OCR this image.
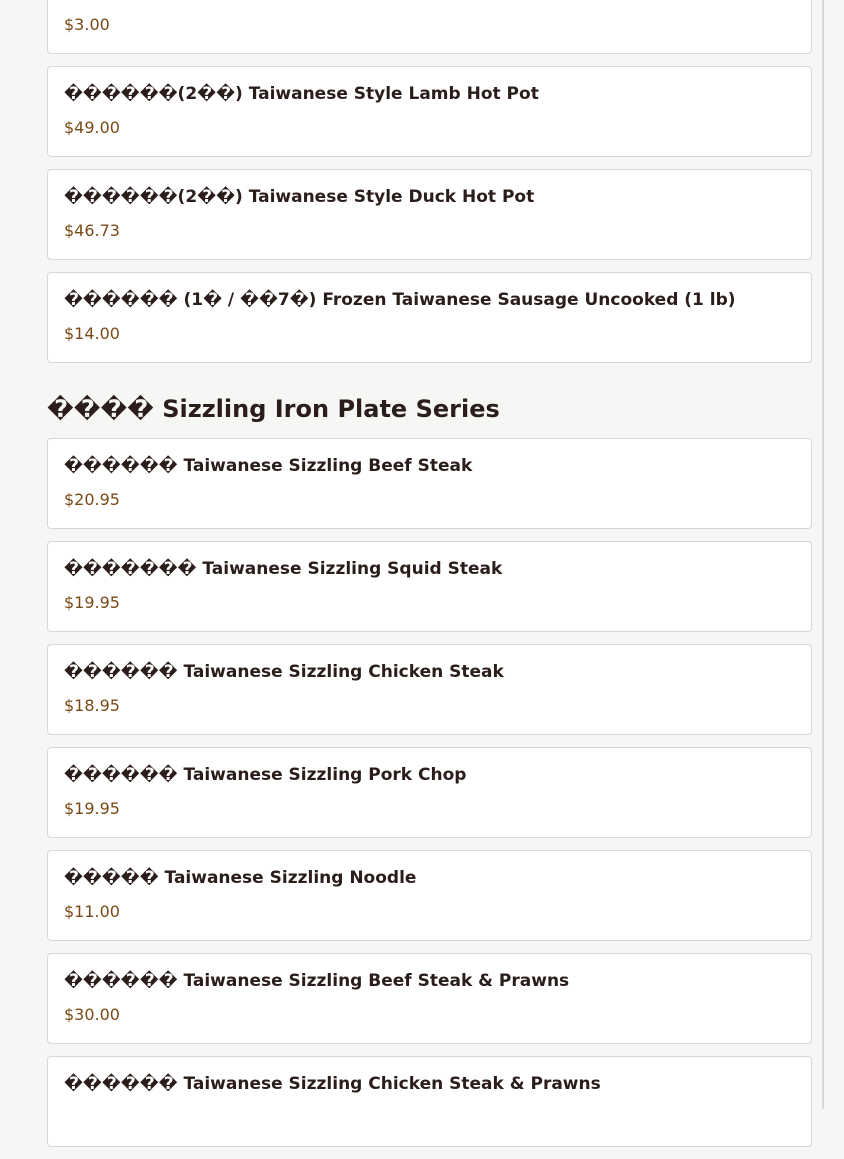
$3.00
������(2��) Taiwanese Style Lamb Hot Pot
$49.00
������(2��) Taiwanese Style Duck Hot Pot
$46.73
������ (1� / ��7�) Frozen Taiwanese Sausage Uncooked (1 lb)
$14.00
���� Sizzling Iron Plate Series
������ Taiwanese Sizzling Beef Steak
$20.95
������� Taiwanese Sizzling Squid Steak
$19.95
������ Taiwanese Sizzling Chicken Steak
$18.95
������ Taiwanese Sizzling Pork Chop
$19.95
����� Taiwanese Sizzling Noodle
$11.00
������ Taiwanese Sizzling Beef Steak & Prawns
$30.00
������ Taiwanese Sizzling Chicken Steak & Prawns
